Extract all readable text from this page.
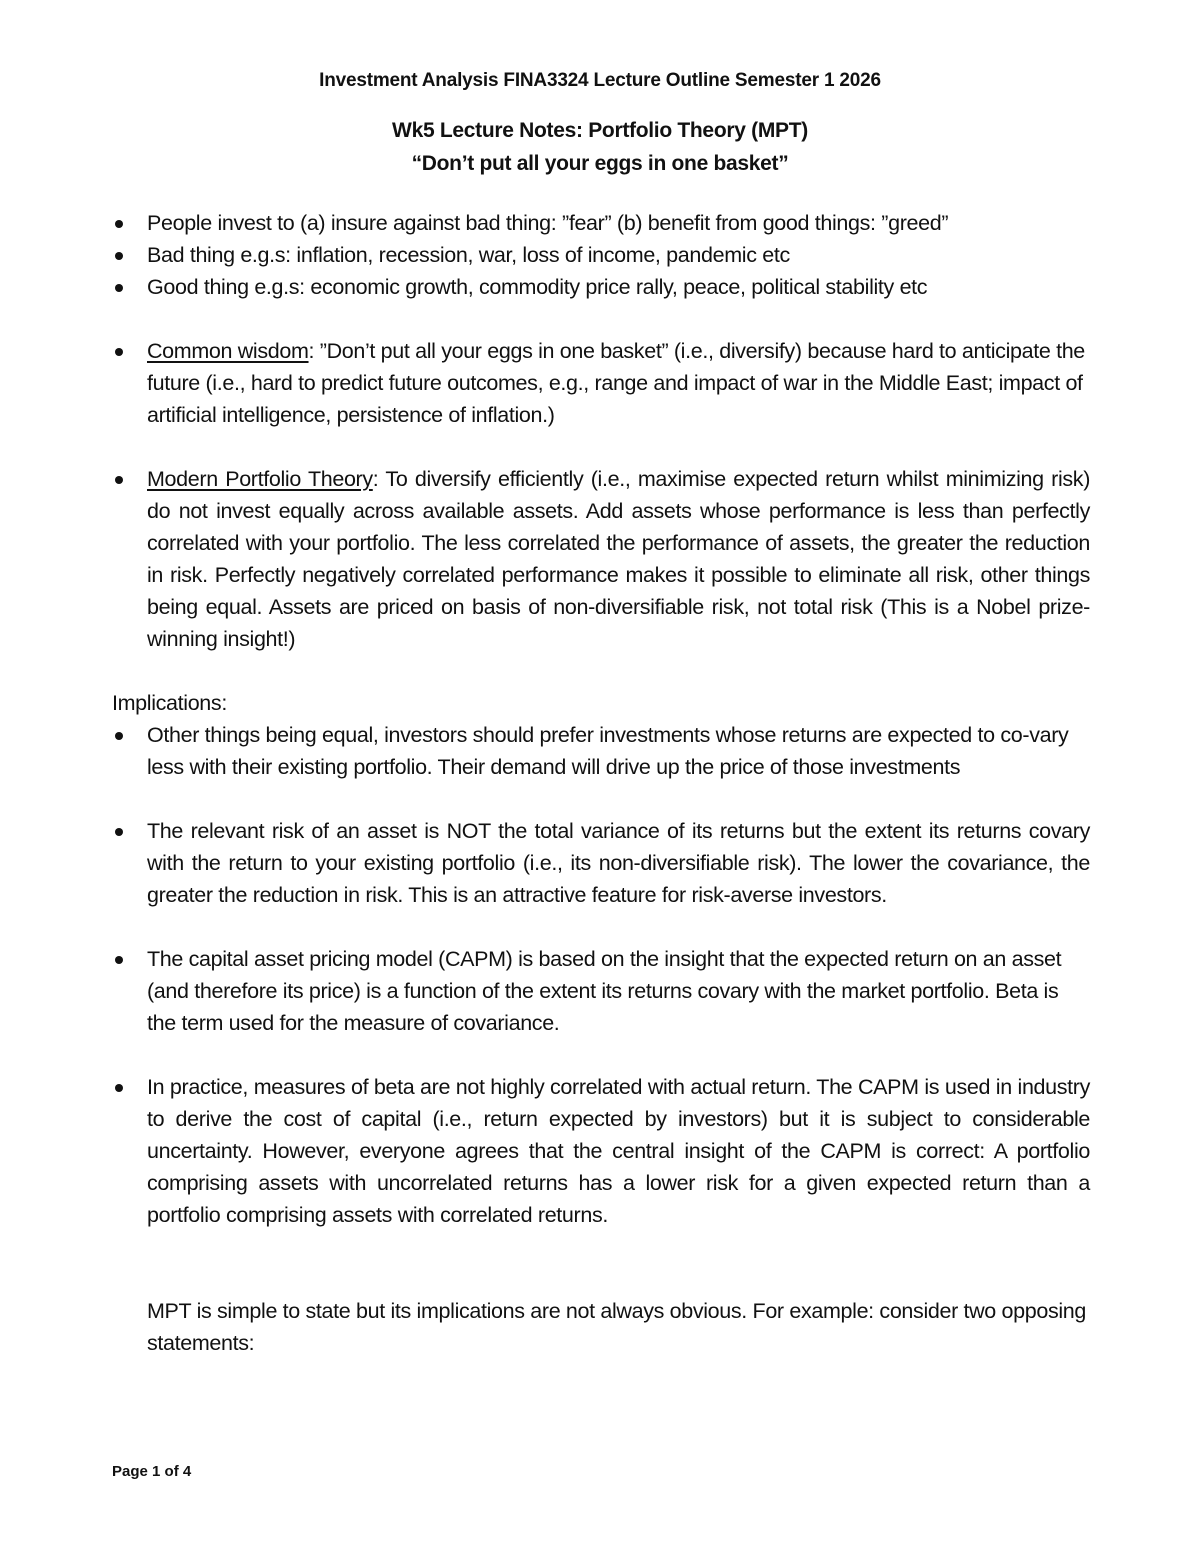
Investment Analysis FINA3324 Lecture Outline Semester 1 2026
Wk5 Lecture Notes: Portfolio Theory (MPT)
“Don’t put all your eggs in one basket”
People invest to (a) insure against bad thing: ”fear” (b) benefit from good things: ”greed”
Bad thing e.g.s: inflation, recession, war, loss of income, pandemic etc
Good thing e.g.s: economic growth, commodity price rally, peace, political stability etc
Common wisdom: ”Don’t put all your eggs in one basket” (i.e., diversify) because hard to anticipate the future (i.e., hard to predict future outcomes, e.g., range and impact of war in the Middle East; impact of artificial intelligence, persistence of inflation.)
Modern Portfolio Theory: To diversify efficiently (i.e., maximise expected return whilst minimizing risk) do not invest equally across available assets. Add assets whose performance is less than perfectly correlated with your portfolio. The less correlated the performance of assets, the greater the reduction in risk. Perfectly negatively correlated performance makes it possible to eliminate all risk, other things being equal. Assets are priced on basis of non-diversifiable risk, not total risk (This is a Nobel prize-winning insight!)
Implications:
Other things being equal, investors should prefer investments whose returns are expected to co-vary less with their existing portfolio. Their demand will drive up the price of those investments
The relevant risk of an asset is NOT the total variance of its returns but the extent its returns covary with the return to your existing portfolio (i.e., its non-diversifiable risk). The lower the covariance, the greater the reduction in risk. This is an attractive feature for risk-averse investors.
The capital asset pricing model (CAPM) is based on the insight that the expected return on an asset (and therefore its price) is a function of the extent its returns covary with the market portfolio. Beta is the term used for the measure of covariance.
In practice, measures of beta are not highly correlated with actual return. The CAPM is used in industry to derive the cost of capital (i.e., return expected by investors) but it is subject to considerable uncertainty. However, everyone agrees that the central insight of the CAPM is correct: A portfolio comprising assets with uncorrelated returns has a lower risk for a given expected return than a portfolio comprising assets with correlated returns.
MPT is simple to state but its implications are not always obvious. For example: consider two opposing statements:
Page 1 of 4
